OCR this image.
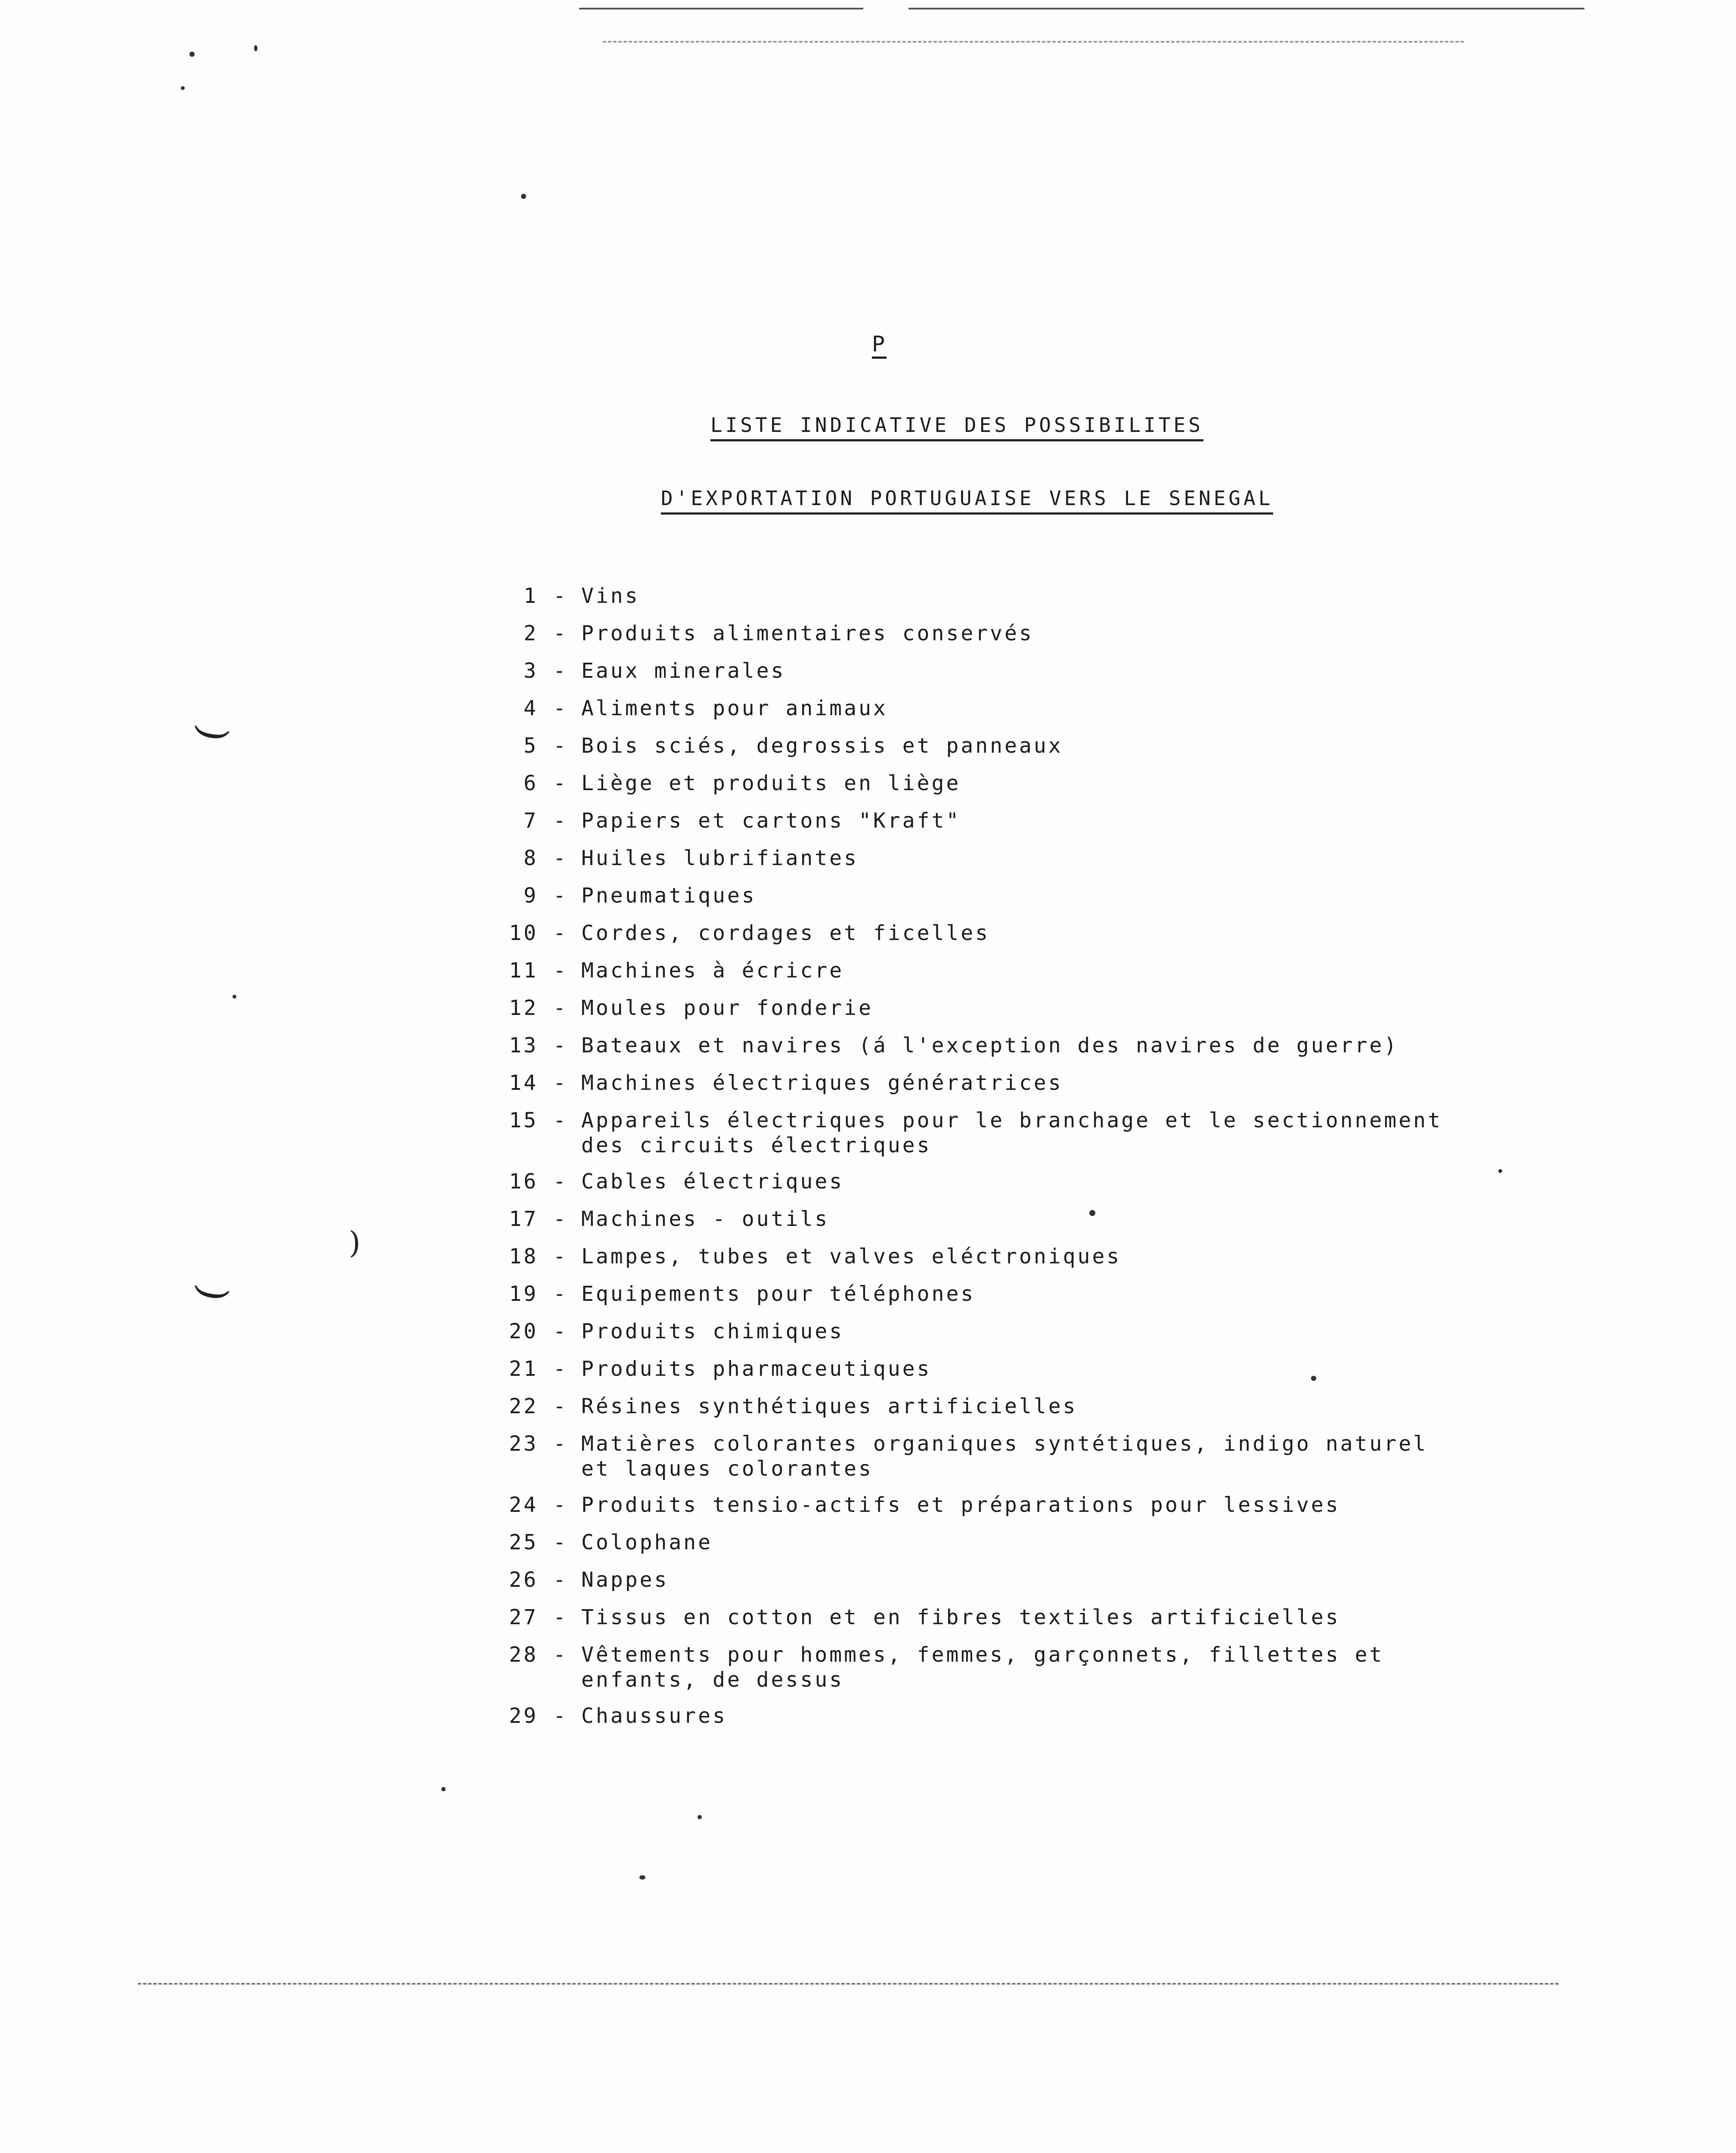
(
(
)
P
LISTE INDICATIVE DES POSSIBILITES
D'EXPORTATION PORTUGUAISE VERS LE SENEGAL
1 - Vins
2 - Produits alimentaires conservés
3 - Eaux minerales
4 - Aliments pour animaux
5 - Bois sciés, degrossis et panneaux
6 - Liège et produits en liège
7 - Papiers et cartons "Kraft"
8 - Huiles lubrifiantes
9 - Pneumatiques
10 - Cordes, cordages et ficelles
11 - Machines à écricre
12 - Moules pour fonderie
13 - Bateaux et navires (á l'exception des navires de guerre)
14 - Machines électriques génératrices
15 - Appareils électriques pour le branchage et le sectionnement
des circuits électriques
16 - Cables électriques
17 - Machines - outils
18 - Lampes, tubes et valves eléctroniques
19 - Equipements pour téléphones
20 - Produits chimiques
21 - Produits pharmaceutiques
22 - Résines synthétiques artificielles
23 - Matières colorantes organiques syntétiques, indigo naturel
et laques colorantes
24 - Produits tensio-actifs et préparations pour lessives
25 - Colophane
26 - Nappes
27 - Tissus en cotton et en fibres textiles artificielles
28 - Vêtements pour hommes, femmes, garçonnets, fillettes et
enfants, de dessus
29 - Chaussures
